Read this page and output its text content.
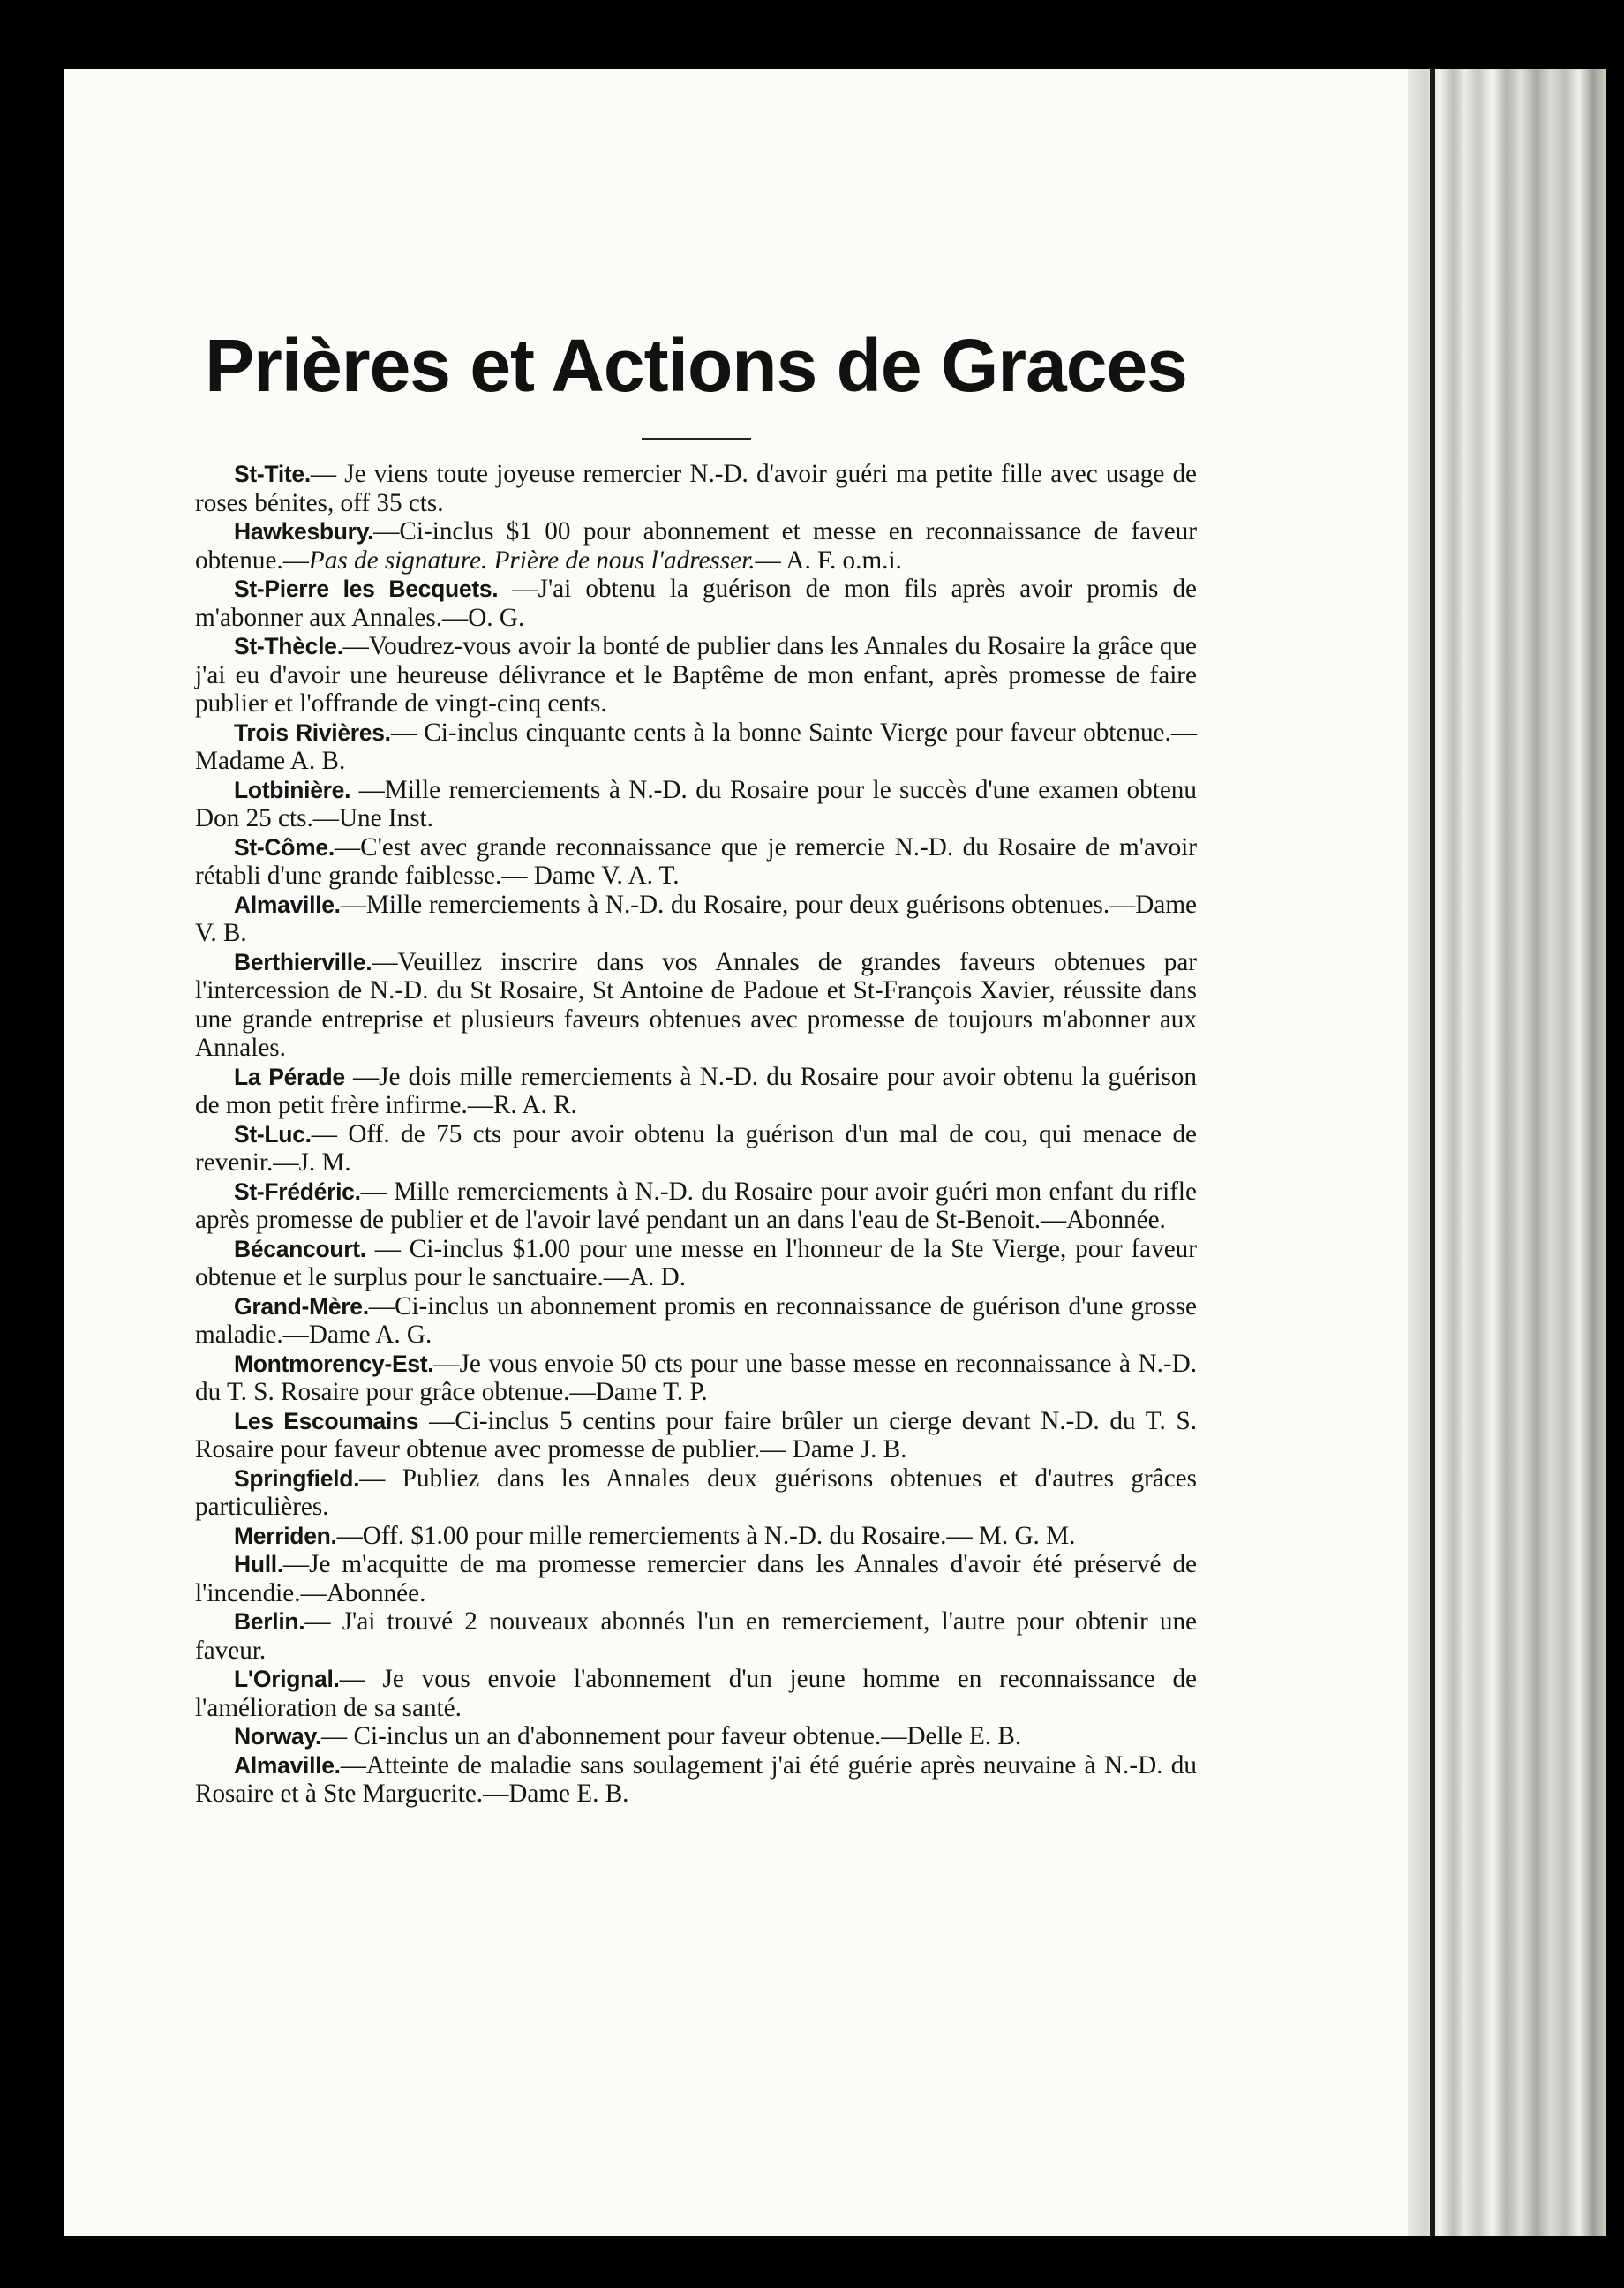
Prières et Actions de Graces

St-Tite.— Je viens toute joyeuse remercier N.-D. d'avoir guéri ma petite fille avec usage de roses bénites, off 35 cts.

Hawkesbury.—Ci-inclus $1 00 pour abonnement et messe en reconnaissance de faveur obtenue.—Pas de signature. Prière de nous l'adresser.— A. F. o.m.i.

St-Pierre les Becquets. —J'ai obtenu la guérison de mon fils après avoir promis de m'abonner aux Annales.—O. G.

St-Thècle.—Voudrez-vous avoir la bonté de publier dans les Annales du Rosaire la grâce que j'ai eu d'avoir une heureuse délivrance et le Baptême de mon enfant, après promesse de faire publier et l'offrande de vingt-cinq cents.

Trois Rivières.— Ci-inclus cinquante cents à la bonne Sainte Vierge pour faveur obtenue.—Madame A. B.

Lotbinière. —Mille remerciements à N.-D. du Rosaire pour le succès d'une examen obtenu Don 25 cts.—Une Inst.

St-Côme.—C'est avec grande reconnaissance que je remercie N.-D. du Rosaire de m'avoir rétabli d'une grande faiblesse.— Dame V. A. T.

Almaville.—Mille remerciements à N.-D. du Rosaire, pour deux guérisons obtenues.—Dame V. B.

Berthierville.—Veuillez inscrire dans vos Annales de grandes faveurs obtenues par l'intercession de N.-D. du St Rosaire, St Antoine de Padoue et St-François Xavier, réussite dans une grande entreprise et plusieurs faveurs obtenues avec promesse de toujours m'abonner aux Annales.

La Pérade —Je dois mille remerciements à N.-D. du Rosaire pour avoir obtenu la guérison de mon petit frère infirme.—R. A. R.

St-Luc.— Off. de 75 cts pour avoir obtenu la guérison d'un mal de cou, qui menace de revenir.—J. M.

St-Frédéric.— Mille remerciements à N.-D. du Rosaire pour avoir guéri mon enfant du rifle après promesse de publier et de l'avoir lavé pendant un an dans l'eau de St-Benoit.—Abonnée.

Bécancourt. — Ci-inclus $1.00 pour une messe en l'honneur de la Ste Vierge, pour faveur obtenue et le surplus pour le sanctuaire.—A. D.

Grand-Mère.—Ci-inclus un abonnement promis en reconnaissance de guérison d'une grosse maladie.—Dame A. G.

Montmorency-Est.—Je vous envoie 50 cts pour une basse messe en reconnaissance à N.-D. du T. S. Rosaire pour grâce obtenue.—Dame T. P.

Les Escoumains —Ci-inclus 5 centins pour faire brûler un cierge devant N.-D. du T. S. Rosaire pour faveur obtenue avec promesse de publier.— Dame J. B.

Springfield.— Publiez dans les Annales deux guérisons obtenues et d'autres grâces particulières.

Merriden.—Off. $1.00 pour mille remerciements à N.-D. du Rosaire.— M. G. M.

Hull.—Je m'acquitte de ma promesse remercier dans les Annales d'avoir été préservé de l'incendie.—Abonnée.

Berlin.— J'ai trouvé 2 nouveaux abonnés l'un en remerciement, l'autre pour obtenir une faveur.

L'Orignal.— Je vous envoie l'abonnement d'un jeune homme en reconnaissance de l'amélioration de sa santé.

Norway.— Ci-inclus un an d'abonnement pour faveur obtenue.—Delle E. B.

Almaville.—Atteinte de maladie sans soulagement j'ai été guérie après neuvaine à N.-D. du Rosaire et à Ste Marguerite.—Dame E. B.
